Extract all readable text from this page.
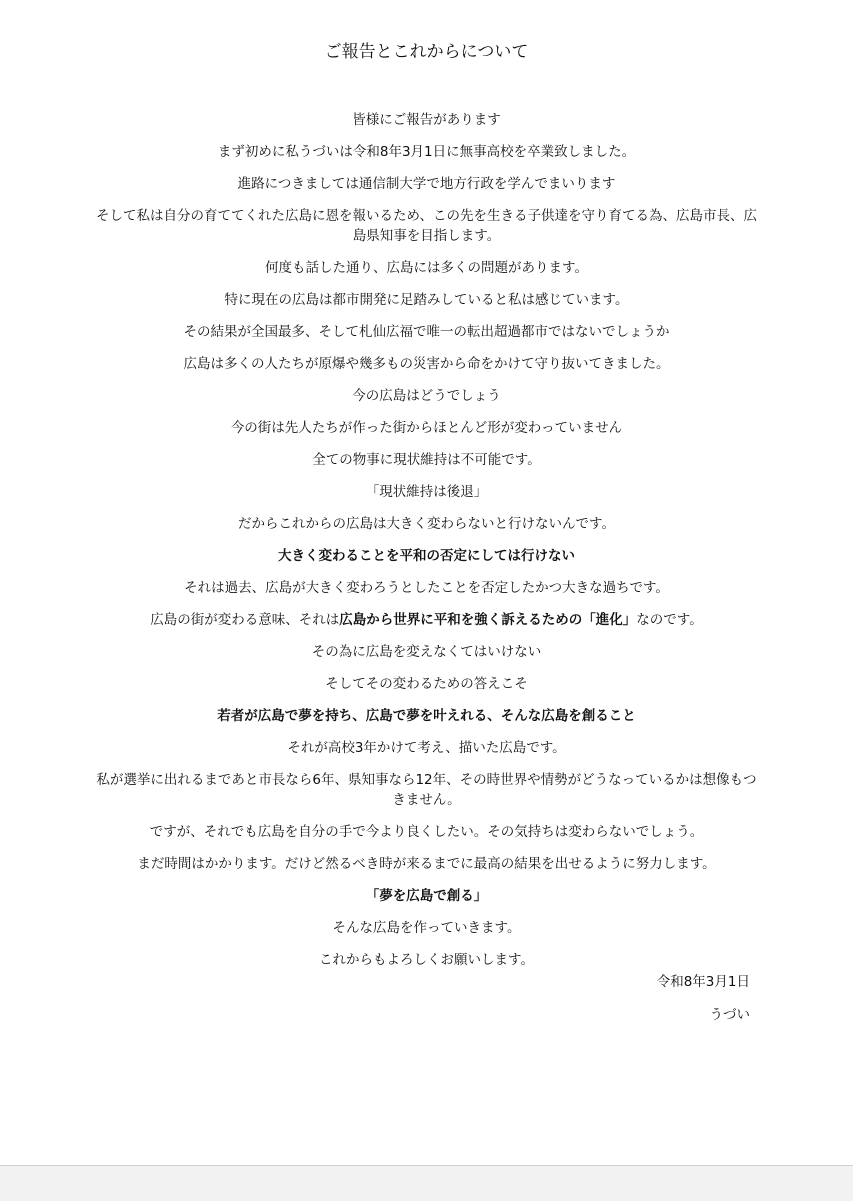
ご報告とこれからについて

皆様にご報告があります

まず初めに私うづいは令和8年3月1日に無事高校を卒業致しました。

進路につきましては通信制大学で地方行政を学んでまいります

そして私は自分の育ててくれた広島に恩を報いるため、この先を生きる子供達を守り育てる為、広島市長、広島県知事を目指します。

何度も話した通り、広島には多くの問題があります。

特に現在の広島は都市開発に足踏みしていると私は感じています。

その結果が全国最多、そして札仙広福で唯一の転出超過都市ではないでしょうか

広島は多くの人たちが原爆や幾多もの災害から命をかけて守り抜いてきました。

今の広島はどうでしょう

今の街は先人たちが作った街からほとんど形が変わっていません

全ての物事に現状維持は不可能です。

「現状維持は後退」

だからこれからの広島は大きく変わらないと行けないんです。

大きく変わることを平和の否定にしては行けない

それは過去、広島が大きく変わろうとしたことを否定したかつ大きな過ちです。

広島の街が変わる意味、それは広島から世界に平和を強く訴えるための「進化」なのです。

その為に広島を変えなくてはいけない

そしてその変わるための答えこそ

若者が広島で夢を持ち、広島で夢を叶えれる、そんな広島を創ること

それが高校3年かけて考え、描いた広島です。

私が選挙に出れるまであと市長なら6年、県知事なら12年、その時世界や情勢がどうなっているかは想像もつきません。

ですが、それでも広島を自分の手で今より良くしたい。その気持ちは変わらないでしょう。

まだ時間はかかります。だけど然るべき時が来るまでに最高の結果を出せるように努力します。

「夢を広島で創る」

そんな広島を作っていきます。

これからもよろしくお願いします。

令和8年3月1日
うづい
